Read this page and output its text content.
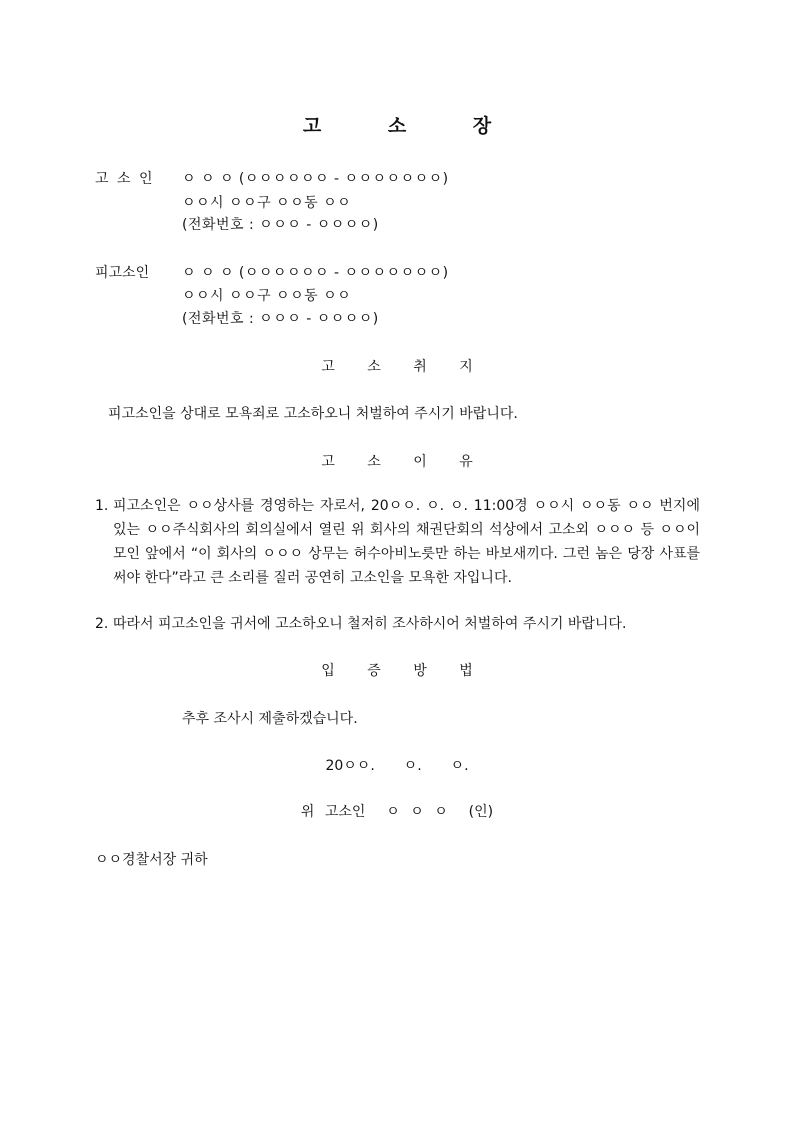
고 소 장
고 소 인 ㅇ ㅇ ㅇ (ㅇㅇㅇㅇㅇㅇ - ㅇㅇㅇㅇㅇㅇㅇ)
ㅇㅇ시 ㅇㅇ구 ㅇㅇ동 ㅇㅇ
(전화번호 : ㅇㅇㅇ - ㅇㅇㅇㅇ)
피고소인 ㅇ ㅇ ㅇ (ㅇㅇㅇㅇㅇㅇ - ㅇㅇㅇㅇㅇㅇㅇ)
ㅇㅇ시 ㅇㅇ구 ㅇㅇ동 ㅇㅇ
(전화번호 : ㅇㅇㅇ - ㅇㅇㅇㅇ)
고 소 취 지
피고소인을 상대로 모욕죄로 고소하오니 처벌하여 주시기 바랍니다.
고 소 이 유
1. 피고소인은 ㅇㅇ상사를 경영하는 자로서, 20ㅇㅇ. ㅇ. ㅇ. 11:00경 ㅇㅇ시 ㅇㅇ동 ㅇㅇ 번지에 있는 ㅇㅇ주식회사의 회의실에서 열린 위 회사의 채권단회의 석상에서 고소외 ㅇㅇㅇ 등 ㅇㅇ이 모인 앞에서 “이 회사의 ㅇㅇㅇ 상무는 허수아비노릇만 하는 바보새끼다. 그런 놈은 당장 사표를 써야 한다”라고 큰 소리를 질러 공연히 고소인을 모욕한 자입니다.
2. 따라서 피고소인을 귀서에 고소하오니 철저히 조사하시어 처벌하여 주시기 바랍니다.
입 증 방 법
추후 조사시 제출하겠습니다.
20ㅇㅇ.  ㅇ.  ㅇ.
위 고소인  ㅇ ㅇ ㅇ  (인)
ㅇㅇ경찰서장 귀하
